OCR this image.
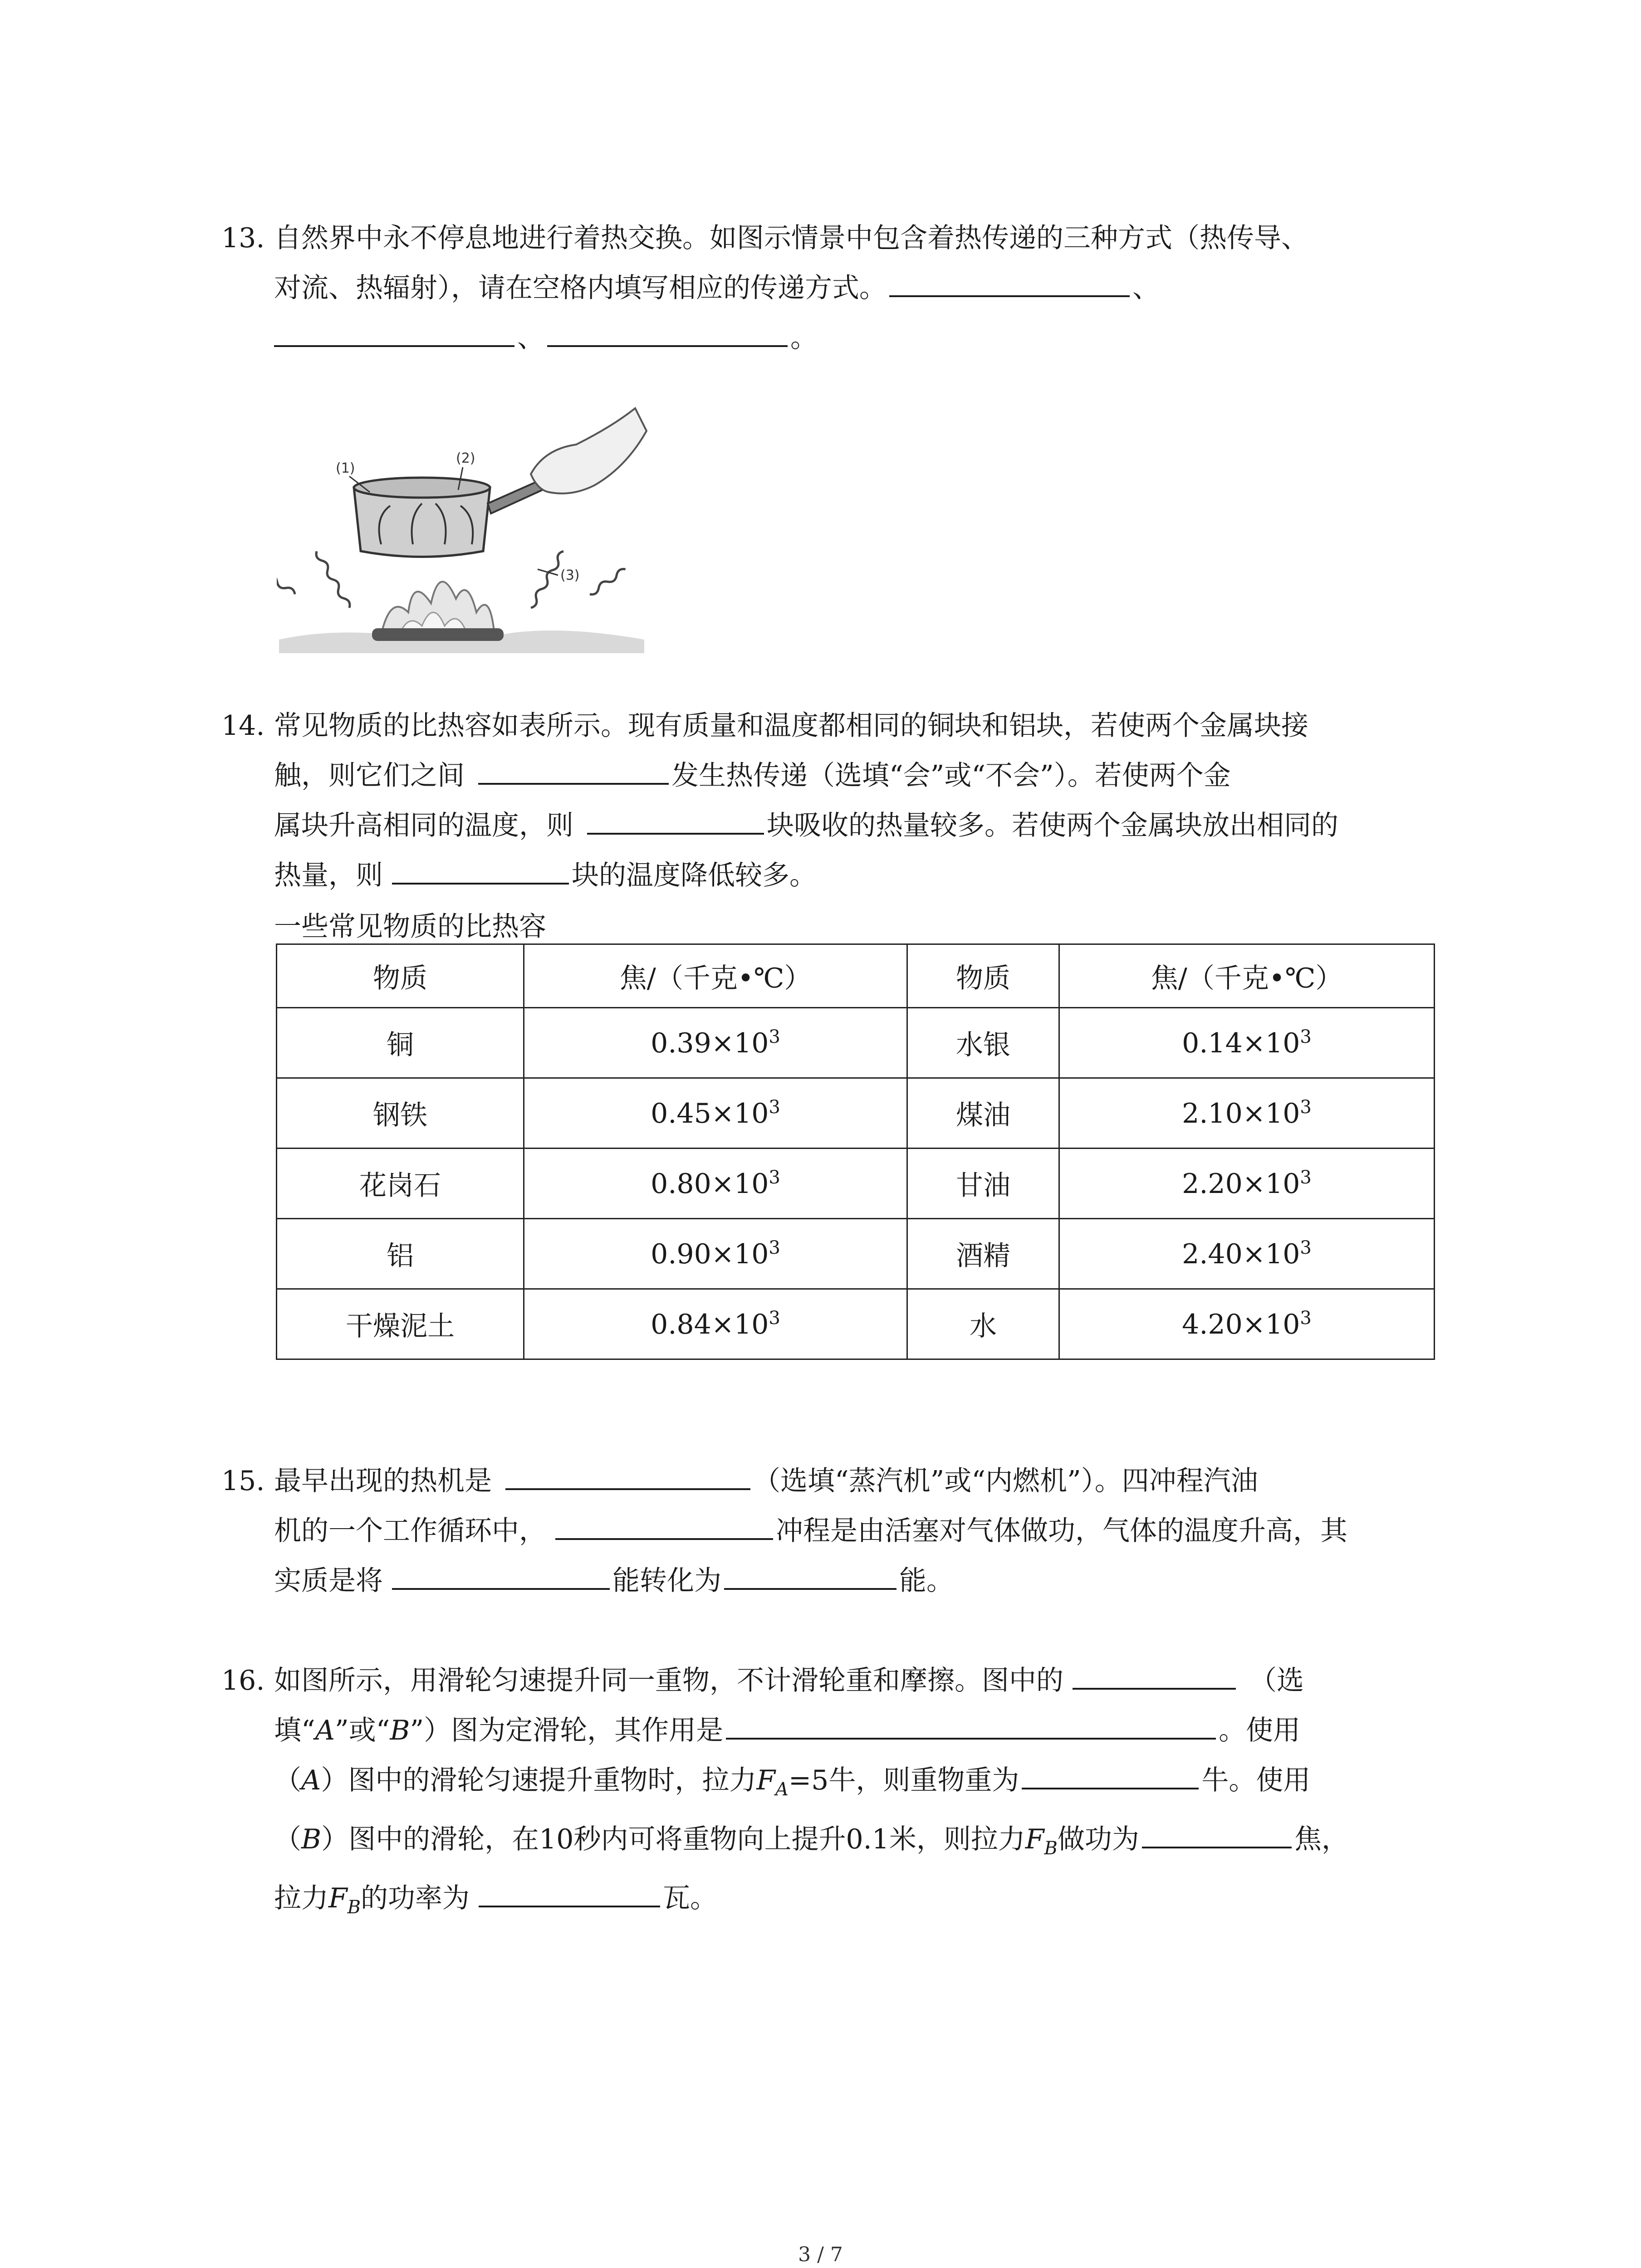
13. 自然界中永不停息地进行着热交换。如图示情景中包含着热传递的三种方式（热传导、
对流、热辐射），请在空格内填写相应的传递方式。	、
、	。
(1)
(2)
(3)
14. 常见物质的比热容如表所示。现有质量和温度都相同的铜块和铝块，若使两个金属块接
触，则它们之间	发生热传递（选填“会”或“不会”）。若使两个金
属块升高相同的温度，则	块吸收的热量较多。若使两个金属块放出相同的
热量，则	块的温度降低较多。
一些常见物质的比热容
物质	焦/（千克•℃）	物质	焦/（千克•℃）
铜	$0.39\times 10^3$	水银	$0.14\times 10^3$
钢铁	$0.45\times 10^3$	煤油	$2.10\times 10^3$
花岗石	$0.80\times 10^3$	甘油	$2.20\times 10^3$
铝	$0.90\times 10^3$	酒精	$2.40\times 10^3$
干燥泥土	$0.84\times 10^3$	水	$4.20\times 10^3$
15. 最早出现的热机是	（选填“蒸汽机”或“内燃机”）。四冲程汽油
机的一个工作循环中，	冲程是由活塞对气体做功，气体的温度升高，其
实质是将	能转化为	能。
16. 如图所示，用滑轮匀速提升同一重物，不计滑轮重和摩擦。图中的	（选
填“A”或“B”）图为定滑轮，其作用是	。使用
（A）图中的滑轮匀速提升重物时，拉力$F_A=5$牛，则重物重为	牛。使用
（B）图中的滑轮，在10秒内可将重物向上提升0.1米，则拉力$F_B$做功为	焦，
拉力$F_B$的功率为	瓦。
3 / 7
